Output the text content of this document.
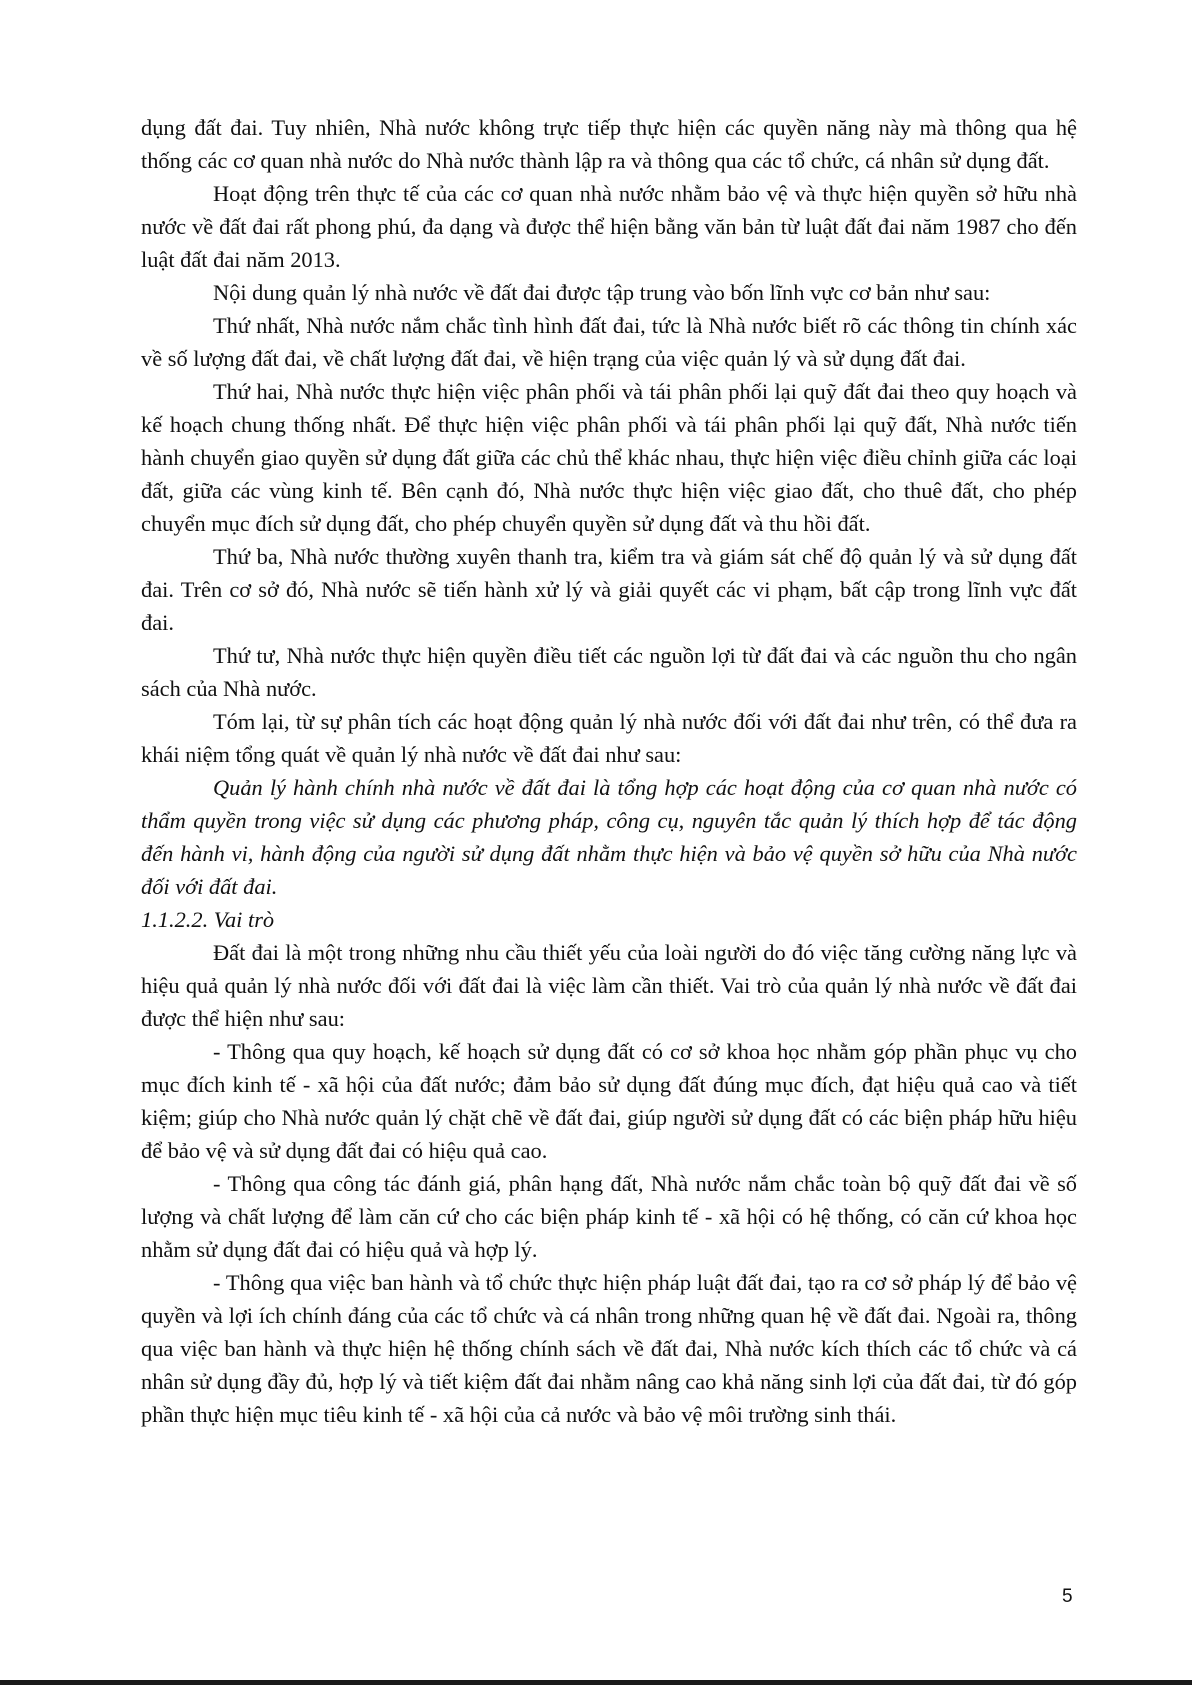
dụng đất đai. Tuy nhiên, Nhà nước không trực tiếp thực hiện các quyền năng này mà thông qua hệ thống các cơ quan nhà nước do Nhà nước thành lập ra và thông qua các tổ chức, cá nhân sử dụng đất.

Hoạt động trên thực tế của các cơ quan nhà nước nhằm bảo vệ và thực hiện quyền sở hữu nhà nước về đất đai rất phong phú, đa dạng và được thể hiện bằng văn bản từ luật đất đai năm 1987 cho đến luật đất đai năm 2013.

Nội dung quản lý nhà nước về đất đai được tập trung vào bốn lĩnh vực cơ bản như sau:

Thứ nhất, Nhà nước nắm chắc tình hình đất đai, tức là Nhà nước biết rõ các thông tin chính xác về số lượng đất đai, về chất lượng đất đai, về hiện trạng của việc quản lý và sử dụng đất đai.

Thứ hai, Nhà nước thực hiện việc phân phối và tái phân phối lại quỹ đất đai theo quy hoạch và kế hoạch chung thống nhất. Để thực hiện việc phân phối và tái phân phối lại quỹ đất, Nhà nước tiến hành chuyển giao quyền sử dụng đất giữa các chủ thể khác nhau, thực hiện việc điều chỉnh giữa các loại đất, giữa các vùng kinh tế. Bên cạnh đó, Nhà nước thực hiện việc giao đất, cho thuê đất, cho phép chuyển mục đích sử dụng đất, cho phép chuyển quyền sử dụng đất và thu hồi đất.

Thứ ba, Nhà nước thường xuyên thanh tra, kiểm tra và giám sát chế độ quản lý và sử dụng đất đai. Trên cơ sở đó, Nhà nước sẽ tiến hành xử lý và giải quyết các vi phạm, bất cập trong lĩnh vực đất đai.

Thứ tư, Nhà nước thực hiện quyền điều tiết các nguồn lợi từ đất đai và các nguồn thu cho ngân sách của Nhà nước.

Tóm lại, từ sự phân tích các hoạt động quản lý nhà nước đối với đất đai như trên, có thể đưa ra khái niệm tổng quát về quản lý nhà nước về đất đai như sau:

Quản lý hành chính nhà nước về đất đai là tổng hợp các hoạt động của cơ quan nhà nước có thẩm quyền trong việc sử dụng các phương pháp, công cụ, nguyên tắc quản lý thích hợp để tác động đến hành vi, hành động của người sử dụng đất nhằm thực hiện và bảo vệ quyền sở hữu của Nhà nước đối với đất đai.

1.1.2.2. Vai trò

Đất đai là một trong những nhu cầu thiết yếu của loài người do đó việc tăng cường năng lực và hiệu quả quản lý nhà nước đối với đất đai là việc làm cần thiết. Vai trò của quản lý nhà nước về đất đai được thể hiện như sau:

- Thông qua quy hoạch, kế hoạch sử dụng đất có cơ sở khoa học nhằm góp phần phục vụ cho mục đích kinh tế - xã hội của đất nước; đảm bảo sử dụng đất đúng mục đích, đạt hiệu quả cao và tiết kiệm; giúp cho Nhà nước quản lý chặt chẽ về đất đai, giúp người sử dụng đất có các biện pháp hữu hiệu để bảo vệ và sử dụng đất đai có hiệu quả cao.

- Thông qua công tác đánh giá, phân hạng đất, Nhà nước nắm chắc toàn bộ quỹ đất đai về số lượng và chất lượng để làm căn cứ cho các biện pháp kinh tế - xã hội có hệ thống, có căn cứ khoa học nhằm sử dụng đất đai có hiệu quả và hợp lý.

- Thông qua việc ban hành và tổ chức thực hiện pháp luật đất đai, tạo ra cơ sở pháp lý để bảo vệ quyền và lợi ích chính đáng của các tổ chức và cá nhân trong những quan hệ về đất đai. Ngoài ra, thông qua việc ban hành và thực hiện hệ thống chính sách về đất đai, Nhà nước kích thích các tổ chức và cá nhân sử dụng đầy đủ, hợp lý và tiết kiệm đất đai nhằm nâng cao khả năng sinh lợi của đất đai, từ đó góp phần thực hiện mục tiêu kinh tế - xã hội của cả nước và bảo vệ môi trường sinh thái.

5
